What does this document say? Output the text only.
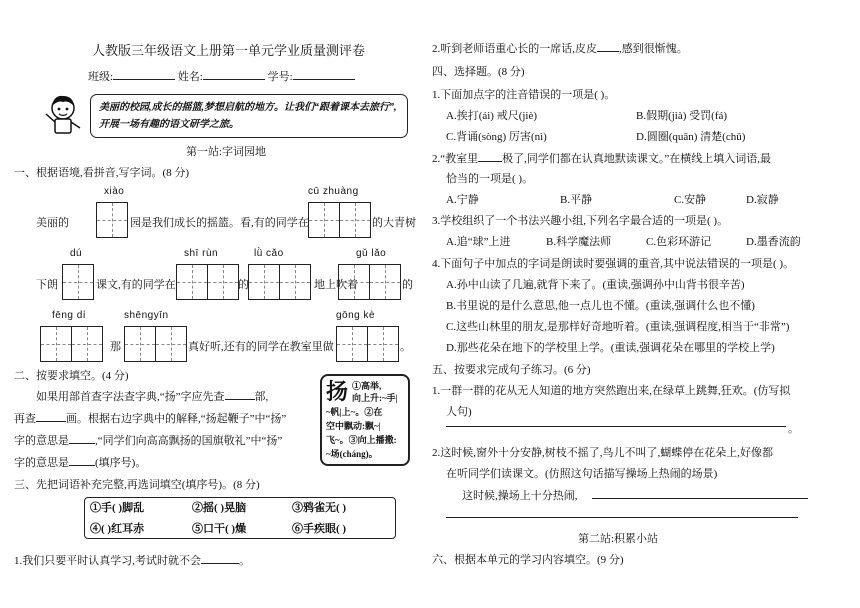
人教版三年级语文上册第一单元学业质量测评卷
班级:	姓名:	学号:
美丽的校园,成长的摇篮,梦想启航的地方。让我们“跟着课本去旅行”,
开展一场有趣的语文研学之旅。
第一站:字词园地
一、根据语境,看拼音,写字词。(8 分)
xiào	cū zhuàng
美丽的	园是我们成长的摇篮。看,有的同学在	的大青树
dú	shī rùn	lǜ cǎo	gǔ lǎo
下朗	课文,有的同学在	的	地上吹着	的
fēng dí	shēngyīn	gōng kè
那	真好听,还有的同学在教室里做	。
二、按要求填空。(4 分)
如果用部首查字法查字典,“扬”字应先查	部,
再查	画。根据右边字典中的解释,“扬起鞭子”中“扬”
字的意思是 ,“同学们向高高飘扬的国旗敬礼”中“扬”
字的意思是 (填序号)。
扬 ①高举,
向上升:~手|
~帆|上~。②在
空中飘动:飘~|
飞~。③向上播撒:
~场(cháng)。
三、先把词语补充完整,再选词填空(填序号)。(8 分)
①手( )脚乱	②摇( )晃脑	③鸦雀无( )
④( )红耳赤	⑤口干( )燥	⑥手疾眼( )
1.我们只要平时认真学习,考试时就不会	。
2.听到老师语重心长的一席话,皮皮 ,感到很惭愧。
四、选择题。(8 分)
1.下面加点字的注音错误的一项是( )。
A.挨打(ái) 戒尺(jiè)	B.假期(jià) 受罚(fá)
C.背诵(sòng) 厉害(nì)	D.圆圈(quān) 清楚(chǔ)
2.“教室里 极了,同学们都在认真地默读课文。”在横线上填入词语,最
恰当的一项是( )。
A.宁静	B.平静	C.安静	D.寂静
3.学校组织了一个书法兴趣小组,下列名字最合适的一项是( )。
A.追“球”上进	B.科学魔法师	C.色彩环游记	D.墨香流韵
4.下面句子中加点的字词是朗读时要强调的重音,其中说法错误的一项是( )。
A.孙中山读了几遍,就背下来了。(重读,强调孙中山背书很辛苦)
B.书里说的是什么意思,他一点儿也不懂。(重读,强调什么也不懂)
C.这些山林里的朋友,是那样好奇地听着。(重读,强调程度,相当于“非常”)
D.那些花朵在地下的学校里上学。(重读,强调花朵在哪里的学校上学)
五、按要求完成句子练习。(6 分)
1.一群一群的花从无人知道的地方突然跑出来,在绿草上跳舞,狂欢。(仿写拟
人句)
。
2.这时候,窗外十分安静,树枝不摇了,鸟儿不叫了,蝴蝶停在花朵上,好像都
在听同学们读课文。(仿照这句话描写操场上热闹的场景)
这时候,操场上十分热闹,
第二站:积累小站
六、根据本单元的学习内容填空。(9 分)
